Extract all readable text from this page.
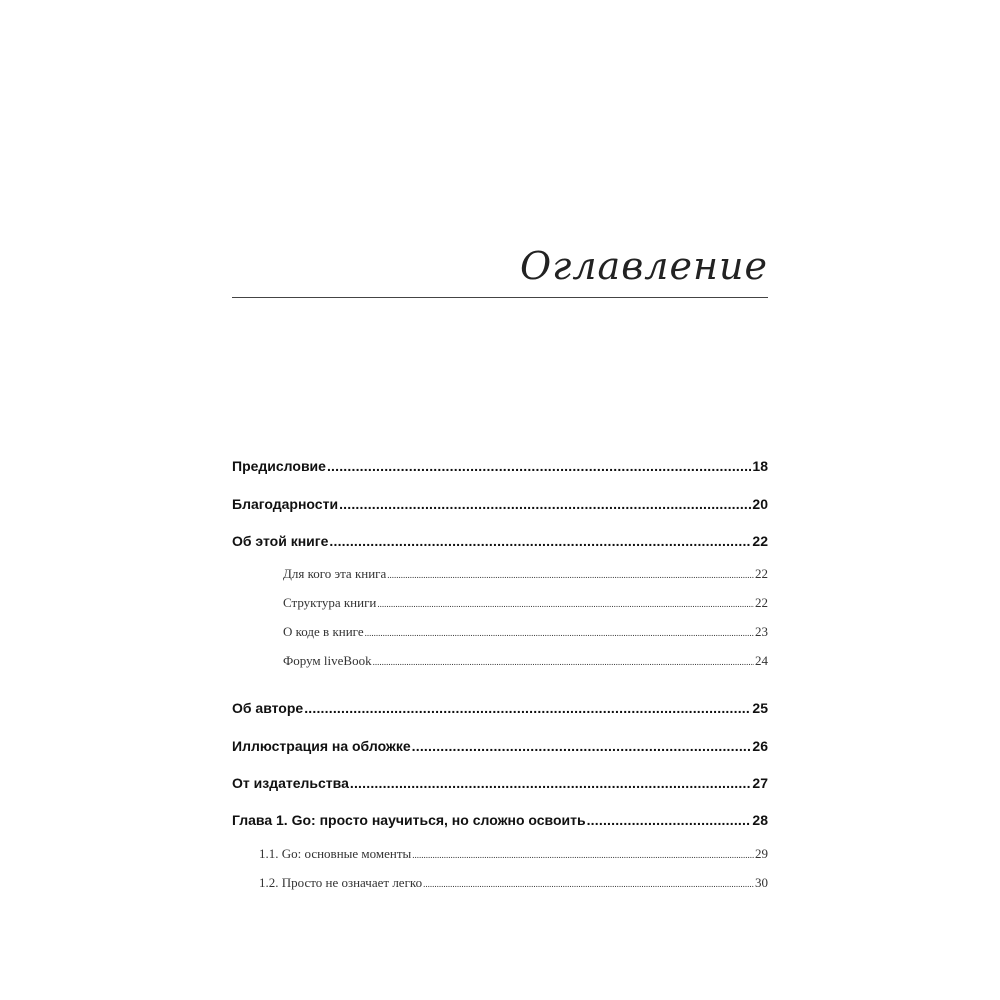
Оглавление
Предисловие .....	18
Благодарности .....	20
Об этой книге .....	22
Для кого эта книга .....	22
Структура книги .....	22
О коде в книге .....	23
Форум liveBook .....	24
Об авторе .....	25
Иллюстрация на обложке .....	26
От издательства .....	27
Глава 1. Go: просто научиться, но сложно освоить .....	28
1.1. Go: основные моменты .....	29
1.2. Просто не означает легко .....	30
